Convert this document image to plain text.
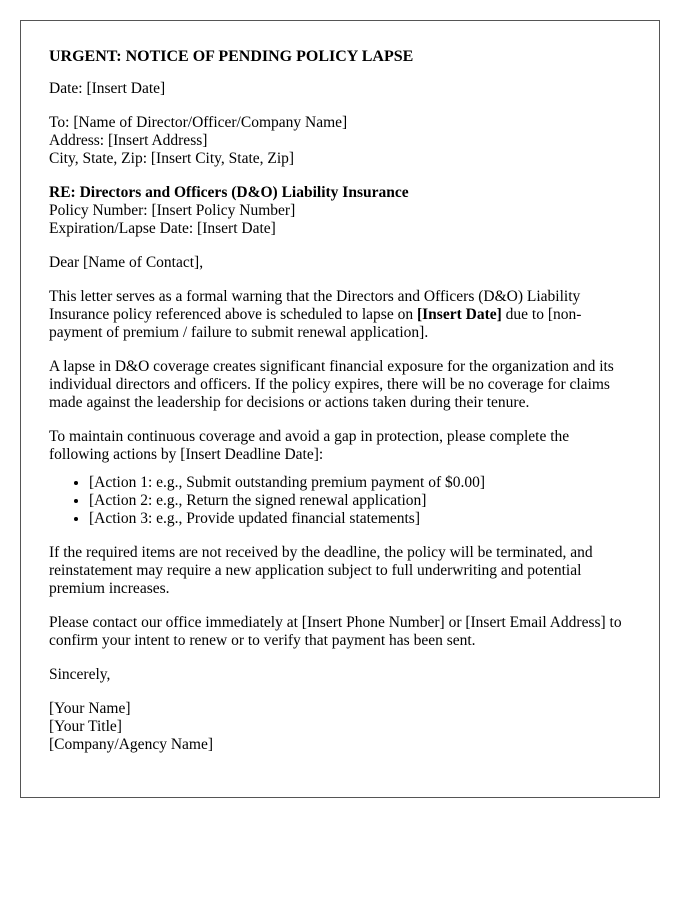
URGENT: NOTICE OF PENDING POLICY LAPSE

Date: [Insert Date]

To: [Name of Director/Officer/Company Name]
Address: [Insert Address]
City, State, Zip: [Insert City, State, Zip]

RE: Directors and Officers (D&O) Liability Insurance
Policy Number: [Insert Policy Number]
Expiration/Lapse Date: [Insert Date]

Dear [Name of Contact],

This letter serves as a formal warning that the Directors and Officers (D&O) Liability Insurance policy referenced above is scheduled to lapse on [Insert Date] due to [non-payment of premium / failure to submit renewal application].

A lapse in D&O coverage creates significant financial exposure for the organization and its individual directors and officers. If the policy expires, there will be no coverage for claims made against the leadership for decisions or actions taken during their tenure.

To maintain continuous coverage and avoid a gap in protection, please complete the following actions by [Insert Deadline Date]:

• [Action 1: e.g., Submit outstanding premium payment of $0.00]
• [Action 2: e.g., Return the signed renewal application]
• [Action 3: e.g., Provide updated financial statements]

If the required items are not received by the deadline, the policy will be terminated, and reinstatement may require a new application subject to full underwriting and potential premium increases.

Please contact our office immediately at [Insert Phone Number] or [Insert Email Address] to confirm your intent to renew or to verify that payment has been sent.

Sincerely,

[Your Name]
[Your Title]
[Company/Agency Name]
